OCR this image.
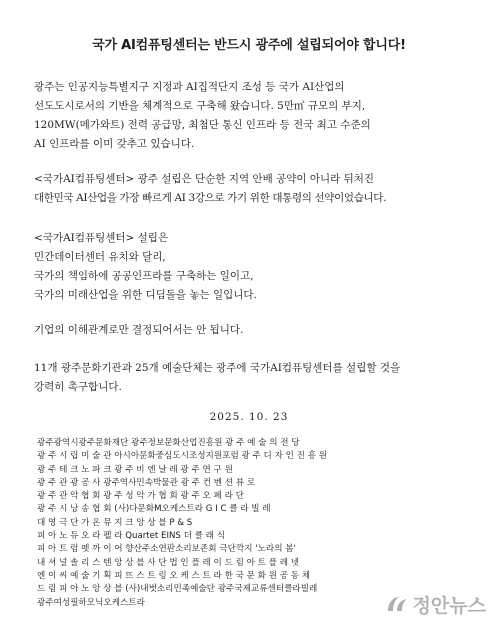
국가 AI컴퓨팅센터는 반드시 광주에 설립되어야 합니다!
광주는 인공지능특별지구 지정과 AI집적단지 조성 등 국가 AI산업의
선도도시로서의 기반을 체계적으로 구축해 왔습니다. 5만㎡ 규모의 부지,
120MW(메가와트) 전력 공급망, 최첨단 통신 인프라 등 전국 최고 수준의
AI 인프라를 이미 갖추고 있습니다.
<국가AI컴퓨팅센터> 광주 설립은 단순한 지역 안배 공약이 아니라 뒤처진
대한민국 AI산업을 가장 빠르게 AI 3강으로 가기 위한 대통령의 선약이었습니다.
<국가AI컴퓨팅센터> 설립은
민간데이터센터 유치와 달리,
국가의 책임하에 공공인프라를 구축하는 일이고,
국가의 미래산업을 위한 디딤돌을 놓는 일입니다.
기업의 이해관계로만 결정되어서는 안 됩니다.
11개 광주문화기관과 25개 예술단체는 광주에 국가AI컴퓨팅센터를 설립할 것을
강력히 촉구합니다.
2025. 10. 23
광주광역시광주문화재단 광주정보문화산업진흥원 광 주 예 술 의 전 당
광 주 시 립 미 술 관 아시아문화중심도시조성지원포럼 광 주 디 자 인 진 흥 원
광 주 테 크 노 파 크 광 주 비 엔 날 레 광 주 연 구 원
광 주 관 광 공 사 광주역사민속박물관 광 주 컨 벤 션 뷰 로
광 주 관 악 협 회 광 주 성 악 가 협 회 광 주 오 페 라 단
광 주 시 낭 송 협 회 (사)다문화M오케스트라 G I C 클 라 빌 레
대 영 극 단 가 온 뮤 지 크 앙 상 블 P & S
피 아 노 듀 오 라 펠 라 Quartet EINS 더 클 래 식
피 아 트 럼 펫 까 이 어 향산주소연판소리보존회 극단깍지 '노라의 봄'
내 셔 널 솔 리 스 텐 앙 상 블 사 단 법 인 플 레 이 드 림 아 트 플 레 넷
엔 이 씨 예 술 기 획 피 뜨 스 트 링 오 케 스 트 라 한 국 문 화 원 공 동 체
드 림 피 아 노 앙 상 블 (사)내벗소리민족예술단 광주국제교류센터클라빌레
광주여성필하모닉오케스트라	정안뉴스
